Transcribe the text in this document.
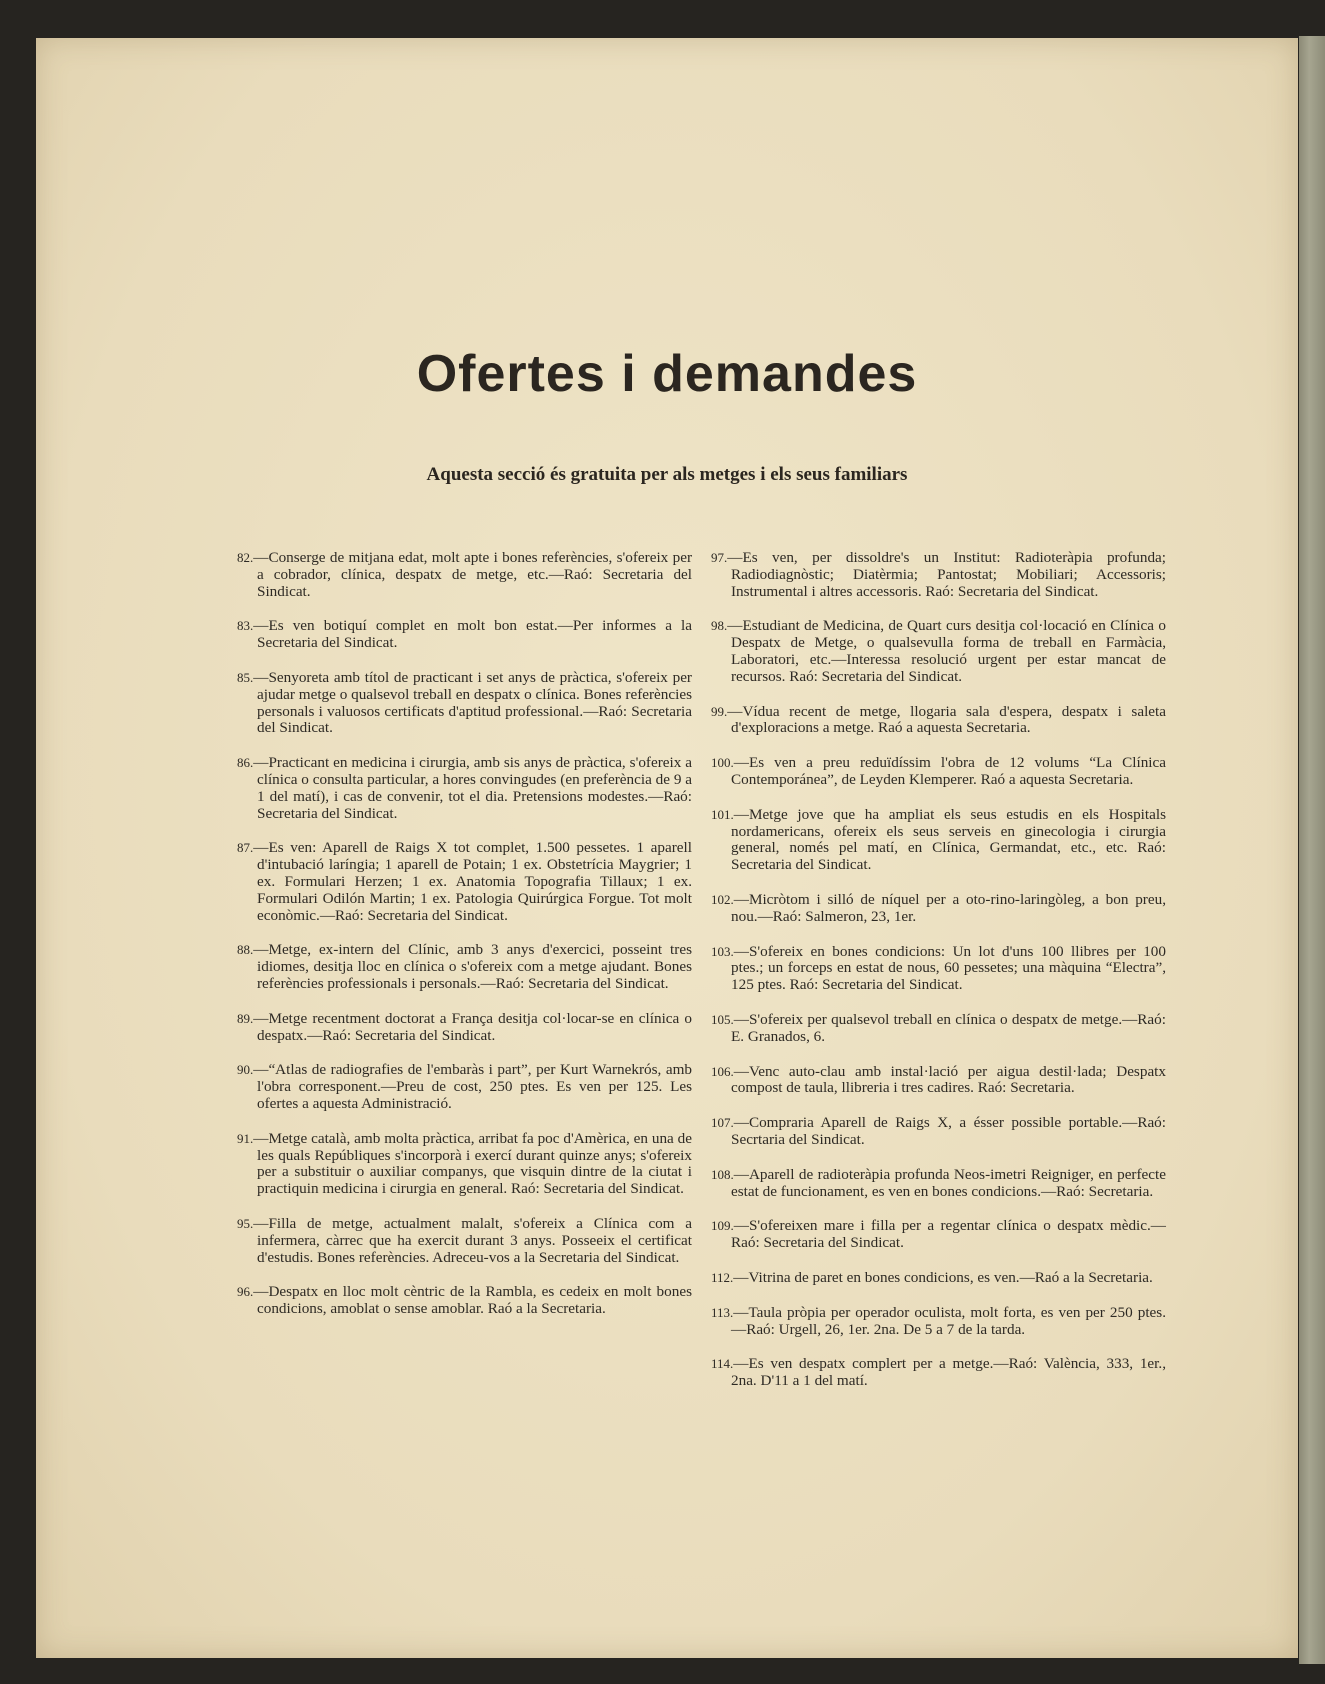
Ofertes i demandes

Aquesta secció és gratuita per als metges i els seus familiars

82.—Conserge de mitjana edat, molt apte i bones referències, s'ofereix per a cobrador, clínica, despatx de metge, etc.—Raó: Secretaria del Sindicat.

83.—Es ven botiquí complet en molt bon estat.—Per informes a la Secretaria del Sindicat.

85.—Senyoreta amb títol de practicant i set anys de pràctica, s'ofereix per ajudar metge o qualsevol treball en despatx o clínica. Bones referències personals i valuosos certificats d'aptitud professional.—Raó: Secretaria del Sindicat.

86.—Practicant en medicina i cirurgia, amb sis anys de pràctica, s'ofereix a clínica o consulta particular, a hores convingudes (en preferència de 9 a 1 del matí), i cas de convenir, tot el dia. Pretensions modestes.—Raó: Secretaria del Sindicat.

87.—Es ven: Aparell de Raigs X tot complet, 1.500 pessetes. 1 aparell d'intubació laríngia; 1 aparell de Potain; 1 ex. Obstetrícia Maygrier; 1 ex. Formulari Herzen; 1 ex. Anatomia Topografia Tillaux; 1 ex. Formulari Odilón Martin; 1 ex. Patologia Quirúrgica Forgue. Tot molt econòmic.—Raó: Secretaria del Sindicat.

88.—Metge, ex-intern del Clínic, amb 3 anys d'exercici, posseint tres idiomes, desitja lloc en clínica o s'ofereix com a metge ajudant. Bones referències professionals i personals.—Raó: Secretaria del Sindicat.

89.—Metge recentment doctorat a França desitja col·locar-se en clínica o despatx.—Raó: Secretaria del Sindicat.

90.—“Atlas de radiografies de l'embaràs i part”, per Kurt Warnekrós, amb l'obra corresponent.—Preu de cost, 250 ptes. Es ven per 125. Les ofertes a aquesta Administració.

91.—Metge català, amb molta pràctica, arribat fa poc d'Amèrica, en una de les quals Repúbliques s'incorporà i exercí durant quinze anys; s'ofereix per a substituir o auxiliar companys, que visquin dintre de la ciutat i practiquin medicina i cirurgia en general. Raó: Secretaria del Sindicat.

95.—Filla de metge, actualment malalt, s'ofereix a Clínica com a infermera, càrrec que ha exercit durant 3 anys. Posseeix el certificat d'estudis. Bones referències. Adreceu-vos a la Secretaria del Sindicat.

96.—Despatx en lloc molt cèntric de la Rambla, es cedeix en molt bones condicions, amoblat o sense amoblar. Raó a la Secretaria.

97.—Es ven, per dissoldre's un Institut: Radioteràpia profunda; Radiodiagnòstic; Diatèrmia; Pantostat; Mobiliari; Accessoris; Instrumental i altres accessoris. Raó: Secretaria del Sindicat.

98.—Estudiant de Medicina, de Quart curs desitja col·locació en Clínica o Despatx de Metge, o qualsevulla forma de treball en Farmàcia, Laboratori, etc.—Interessa resolució urgent per estar mancat de recursos. Raó: Secretaria del Sindicat.

99.—Vídua recent de metge, llogaria sala d'espera, despatx i saleta d'exploracions a metge. Raó a aquesta Secretaria.

100.—Es ven a preu reduïdíssim l'obra de 12 volums “La Clínica Contemporánea”, de Leyden Klemperer. Raó a aquesta Secretaria.

101.—Metge jove que ha ampliat els seus estudis en els Hospitals nordamericans, ofereix els seus serveis en ginecologia i cirurgia general, només pel matí, en Clínica, Germandat, etc., etc. Raó: Secretaria del Sindicat.

102.—Micròtom i silló de níquel per a oto-rino-laringòleg, a bon preu, nou.—Raó: Salmeron, 23, 1er.

103.—S'ofereix en bones condicions: Un lot d'uns 100 llibres per 100 ptes.; un forceps en estat de nous, 60 pessetes; una màquina “Electra”, 125 ptes. Raó: Secretaria del Sindicat.

105.—S'ofereix per qualsevol treball en clínica o despatx de metge.—Raó: E. Granados, 6.

106.—Venc auto-clau amb instal·lació per aigua destil·lada; Despatx compost de taula, llibreria i tres cadires. Raó: Secretaria.

107.—Compraria Aparell de Raigs X, a ésser possible portable.—Raó: Secrtaria del Sindicat.

108.—Aparell de radioteràpia profunda Neos-imetri Reigniger, en perfecte estat de funcionament, es ven en bones condicions.—Raó: Secretaria.

109.—S'ofereixen mare i filla per a regentar clínica o despatx mèdic.—Raó: Secretaria del Sindicat.

112.—Vitrina de paret en bones condicions, es ven.—Raó a la Secretaria.

113.—Taula pròpia per operador oculista, molt forta, es ven per 250 ptes.—Raó: Urgell, 26, 1er. 2na. De 5 a 7 de la tarda.

114.—Es ven despatx complert per a metge.—Raó: València, 333, 1er., 2na. D'11 a 1 del matí.
